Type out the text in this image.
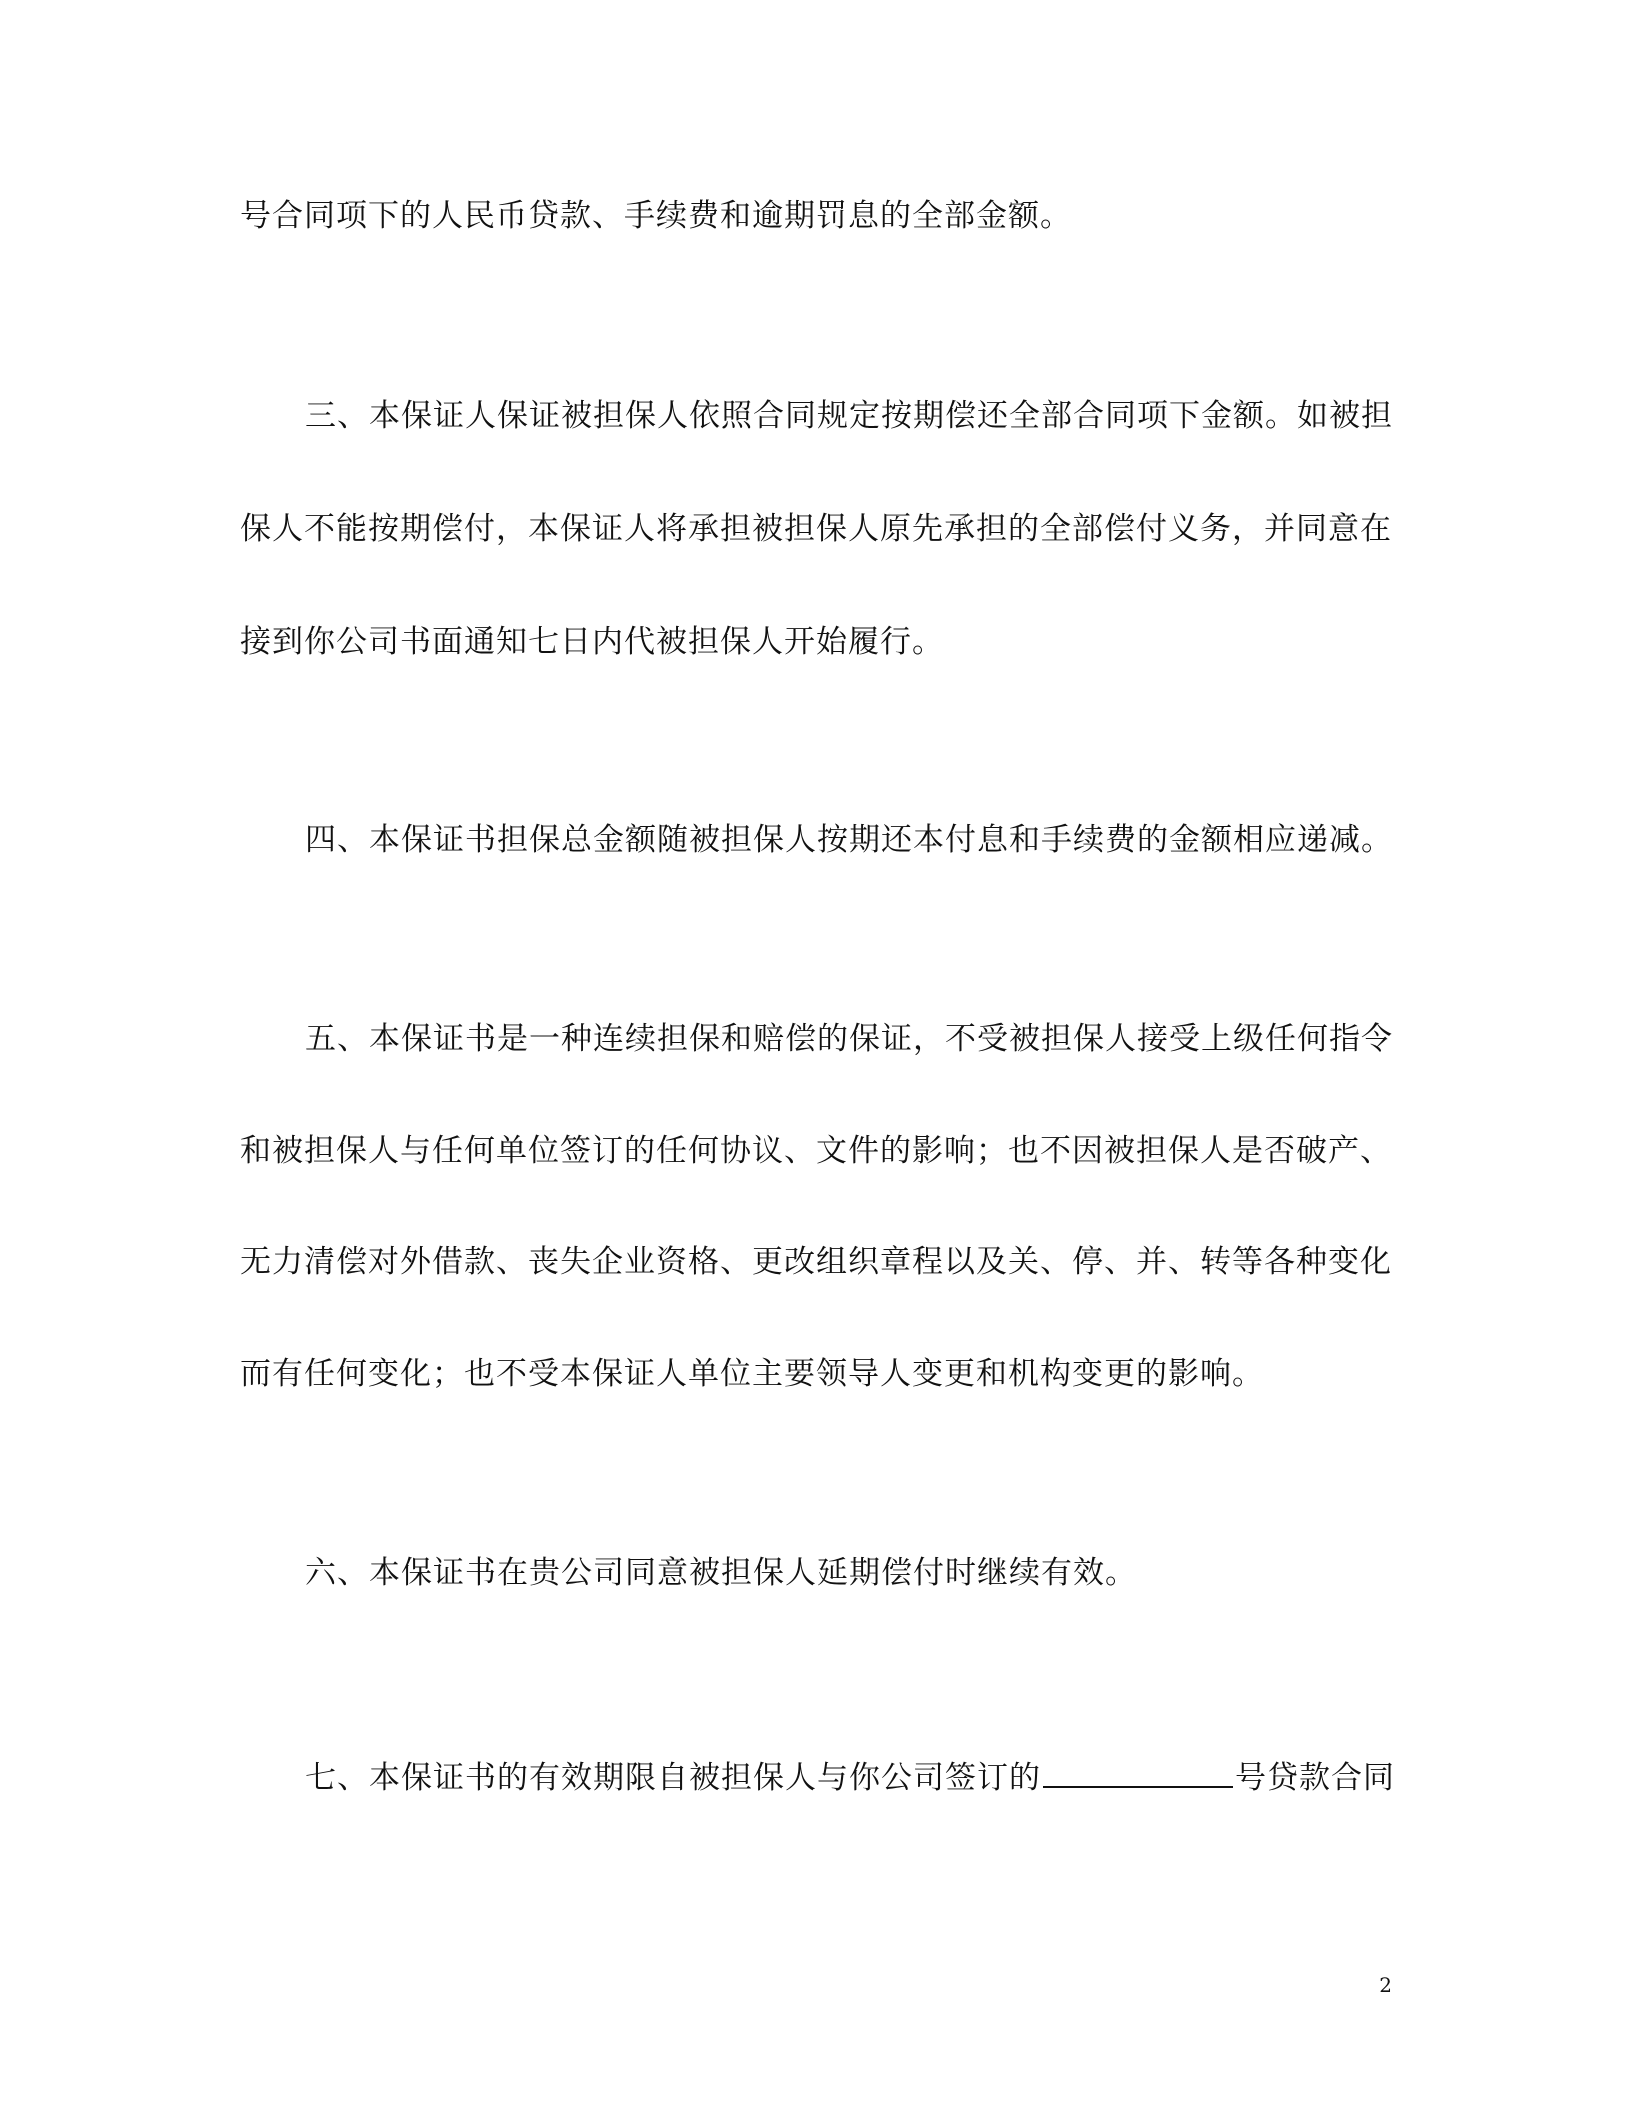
号合同项下的人民币贷款、手续费和逾期罚息的全部金额。
三、本保证人保证被担保人依照合同规定按期偿还全部合同项下金额。如被担
保人不能按期偿付，本保证人将承担被担保人原先承担的全部偿付义务，并同意在
接到你公司书面通知七日内代被担保人开始履行。
四、本保证书担保总金额随被担保人按期还本付息和手续费的金额相应递减。
五、本保证书是一种连续担保和赔偿的保证，不受被担保人接受上级任何指令
和被担保人与任何单位签订的任何协议、文件的影响；也不因被担保人是否破产、
无力清偿对外借款、丧失企业资格、更改组织章程以及关、停、并、转等各种变化
而有任何变化；也不受本保证人单位主要领导人变更和机构变更的影响。
六、本保证书在贵公司同意被担保人延期偿付时继续有效。
七、本保证书的有效期限自被担保人与你公司签订的	号贷款合同
2
